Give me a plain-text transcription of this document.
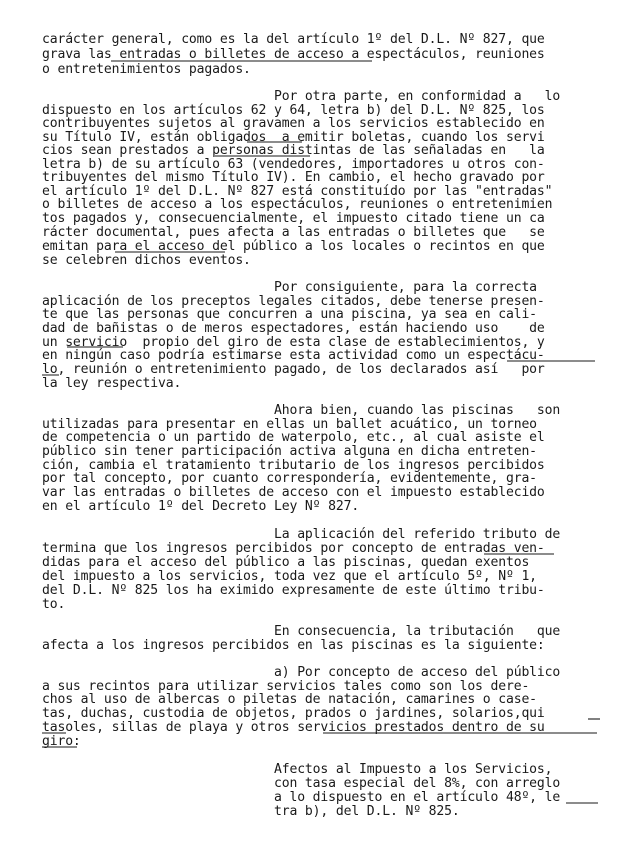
carácter general, como es la del artículo 1º del D.L. Nº 827, que
grava las entradas o billetes de acceso a espectáculos, reuniones
o entretenimientos pagados.
Por otra parte, en conformidad a   lo
dispuesto en los artículos 62 y 64, letra b) del D.L. Nº 825, los
contribuyentes sujetos al gravamen a los servicios establecido en
su Título IV, están obligados  a emitir boletas, cuando los servi
cios sean prestados a personas distintas de las señaladas en   la
letra b) de su artículo 63 (vendedores, importadores u otros con-
tribuyentes del mismo Título IV). En cambio, el hecho gravado por
el artículo 1º del D.L. Nº 827 está constituído por las "entradas"
o billetes de acceso a los espectáculos, reuniones o entretenimien
tos pagados y, consecuencialmente, el impuesto citado tiene un ca
rácter documental, pues afecta a las entradas o billetes que   se
emitan para el acceso del público a los locales o recintos en que
se celebren dichos eventos.
Por consiguiente, para la correcta
aplicación de los preceptos legales citados, debe tenerse presen-
te que las personas que concurren a una piscina, ya sea en cali-
dad de bañistas o de meros espectadores, están haciendo uso    de
un servicio  propio del giro de esta clase de establecimientos, y
en ningún caso podría estimarse esta actividad como un espectácu-
lo, reunión o entretenimiento pagado, de los declarados así   por
la ley respectiva.
Ahora bien, cuando las piscinas   son
utilizadas para presentar en ellas un ballet acuático, un torneo
de competencia o un partido de waterpolo, etc., al cual asiste el
público sin tener participación activa alguna en dicha entreten-
ción, cambia el tratamiento tributario de los ingresos percibidos
por tal concepto, por cuanto correspondería, evidentemente, gra-
var las entradas o billetes de acceso con el impuesto establecido
en el artículo 1º del Decreto Ley Nº 827.
La aplicación del referido tributo de
termina que los ingresos percibidos por concepto de entradas ven-
didas para el acceso del público a las piscinas, quedan exentos
del impuesto a los servicios, toda vez que el artículo 5º, Nº 1,
del D.L. Nº 825 los ha eximido expresamente de este último tribu-
to.
En consecuencia, la tributación   que
afecta a los ingresos percibidos en las piscinas es la siguiente:
a) Por concepto de acceso del público
a sus recintos para utilizar servicios tales como son los dere-
chos al uso de albercas o piletas de natación, camarines o case-
tas, duchas, custodia de objetos, prados o jardines, solarios,qui
tasoles, sillas de playa y otros servicios prestados dentro de su
giro:
Afectos al Impuesto a los Servicios,
con tasa especial del 8%, con arreglo
a lo dispuesto en el artículo 48º, le
tra b), del D.L. Nº 825.
